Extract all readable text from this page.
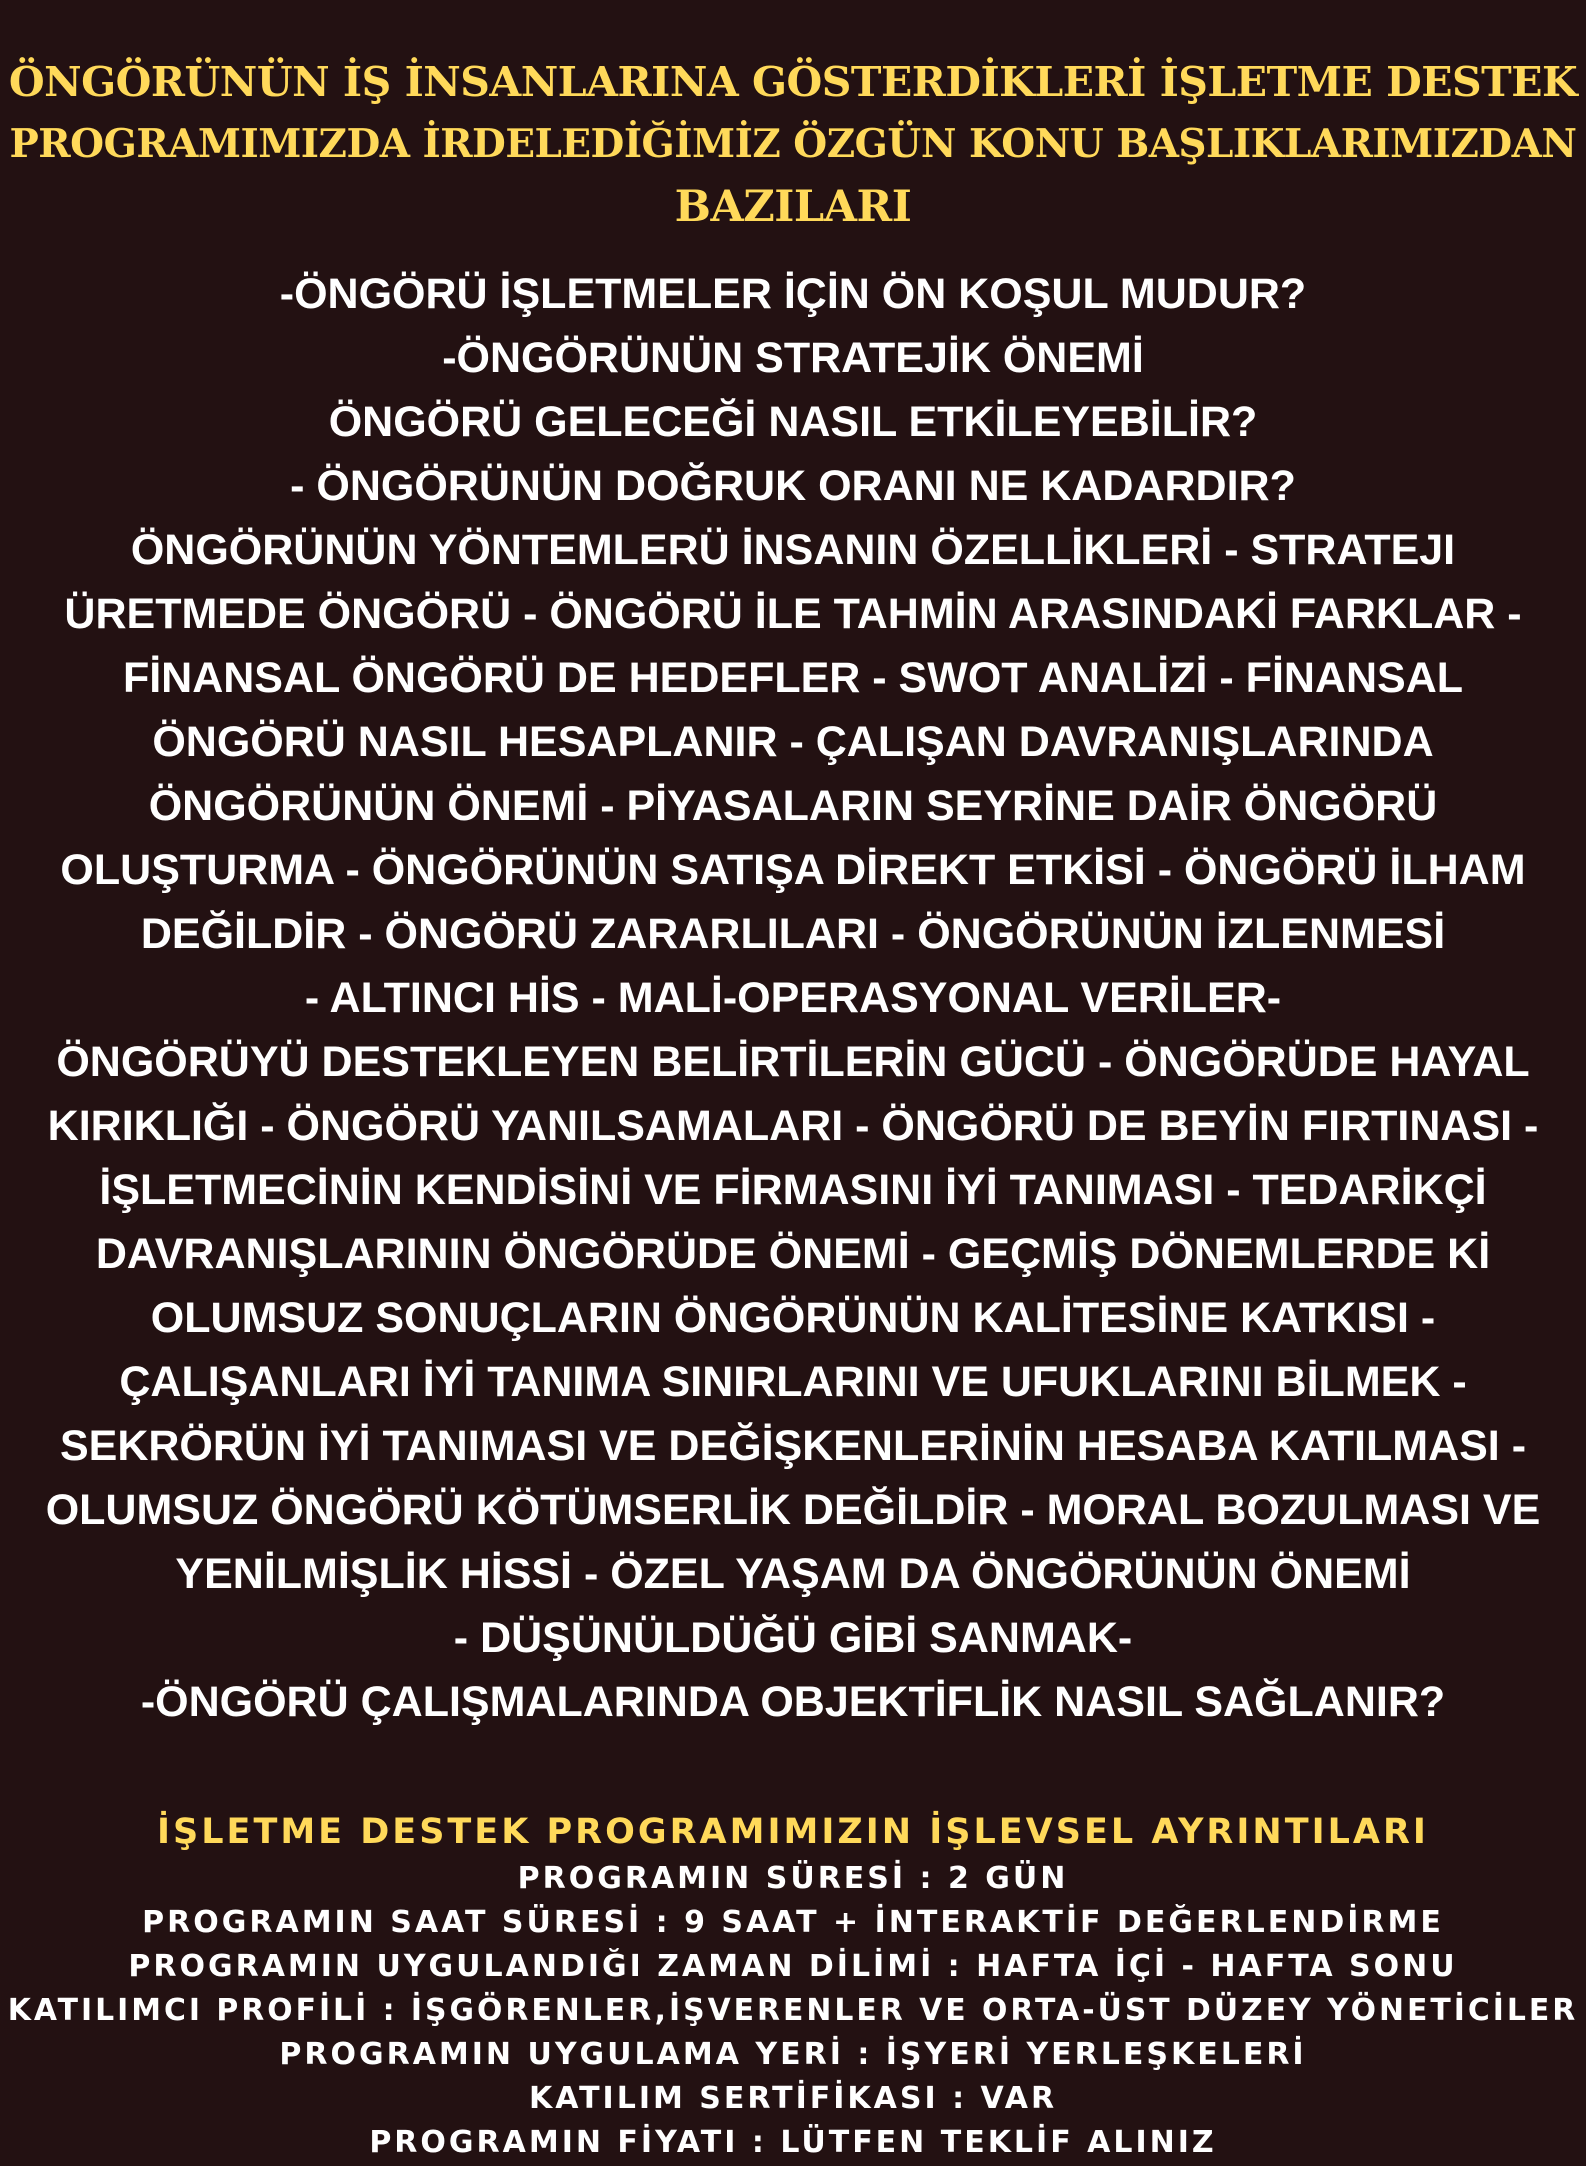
ÖNGÖRÜNÜN İŞ İNSANLARINA GÖSTERDİKLERİ İŞLETME DESTEK
PROGRAMIMIZDA İRDELEDİĞİMİZ ÖZGÜN KONU BAŞLIKLARIMIZDAN
BAZILARI
-ÖNGÖRÜ İŞLETMELER İÇİN ÖN KOŞUL MUDUR?
-ÖNGÖRÜNÜN STRATEJİK ÖNEMİ
ÖNGÖRÜ GELECEĞİ NASIL ETKİLEYEBİLİR?
- ÖNGÖRÜNÜN DOĞRUK ORANI NE KADARDIR?
ÖNGÖRÜNÜN YÖNTEMLERÜ İNSANIN ÖZELLİKLERİ - STRATEJI
ÜRETMEDE ÖNGÖRÜ - ÖNGÖRÜ İLE TAHMİN ARASINDAKİ FARKLAR -
FİNANSAL ÖNGÖRÜ DE HEDEFLER - SWOT ANALİZİ - FİNANSAL
ÖNGÖRÜ NASIL HESAPLANIR - ÇALIŞAN DAVRANIŞLARINDA
ÖNGÖRÜNÜN ÖNEMİ - PİYASALARIN SEYRİNE DAİR ÖNGÖRÜ
OLUŞTURMA - ÖNGÖRÜNÜN SATIŞA DİREKT ETKİSİ - ÖNGÖRÜ İLHAM
DEĞİLDİR - ÖNGÖRÜ ZARARLILARI - ÖNGÖRÜNÜN İZLENMESİ
- ALTINCI HİS - MALİ-OPERASYONAL VERİLER-
ÖNGÖRÜYÜ DESTEKLEYEN BELİRTİLERİN GÜCÜ - ÖNGÖRÜDE HAYAL
KIRIKLIĞI - ÖNGÖRÜ YANILSAMALARI - ÖNGÖRÜ DE BEYİN FIRTINASI -
İŞLETMECİNİN KENDİSİNİ VE FİRMASINI İYİ TANIMASI - TEDARİKÇİ
DAVRANIŞLARININ ÖNGÖRÜDE ÖNEMİ - GEÇMİŞ DÖNEMLERDE Kİ
OLUMSUZ SONUÇLARIN ÖNGÖRÜNÜN KALİTESİNE KATKISI -
ÇALIŞANLARI İYİ TANIMA SINIRLARINI VE UFUKLARINI BİLMEK -
SEKRÖRÜN İYİ TANIMASI VE DEĞİŞKENLERİNİN HESABA KATILMASI -
OLUMSUZ ÖNGÖRÜ KÖTÜMSERLİK DEĞİLDİR - MORAL BOZULMASI VE
YENİLMİŞLİK HİSSİ - ÖZEL YAŞAM DA ÖNGÖRÜNÜN ÖNEMİ
- DÜŞÜNÜLDÜĞÜ GİBİ SANMAK-
-ÖNGÖRÜ ÇALIŞMALARINDA OBJEKTİFLİK NASIL SAĞLANIR?
İŞLETME DESTEK PROGRAMIMIZIN İŞLEVSEL AYRINTILARI
PROGRAMIN SÜRESİ : 2 GÜN
PROGRAMIN SAAT SÜRESİ : 9 SAAT + İNTERAKTİF DEĞERLENDİRME
PROGRAMIN UYGULANDIĞI ZAMAN DİLİMİ : HAFTA İÇİ - HAFTA SONU
KATILIMCI PROFİLİ : İŞGÖRENLER,İŞVERENLER VE ORTA-ÜST DÜZEY YÖNETİCİLER
PROGRAMIN UYGULAMA YERİ : İŞYERİ YERLEŞKELERİ
KATILIM SERTİFİKASI : VAR
PROGRAMIN FİYATI : LÜTFEN TEKLİF ALINIZ
